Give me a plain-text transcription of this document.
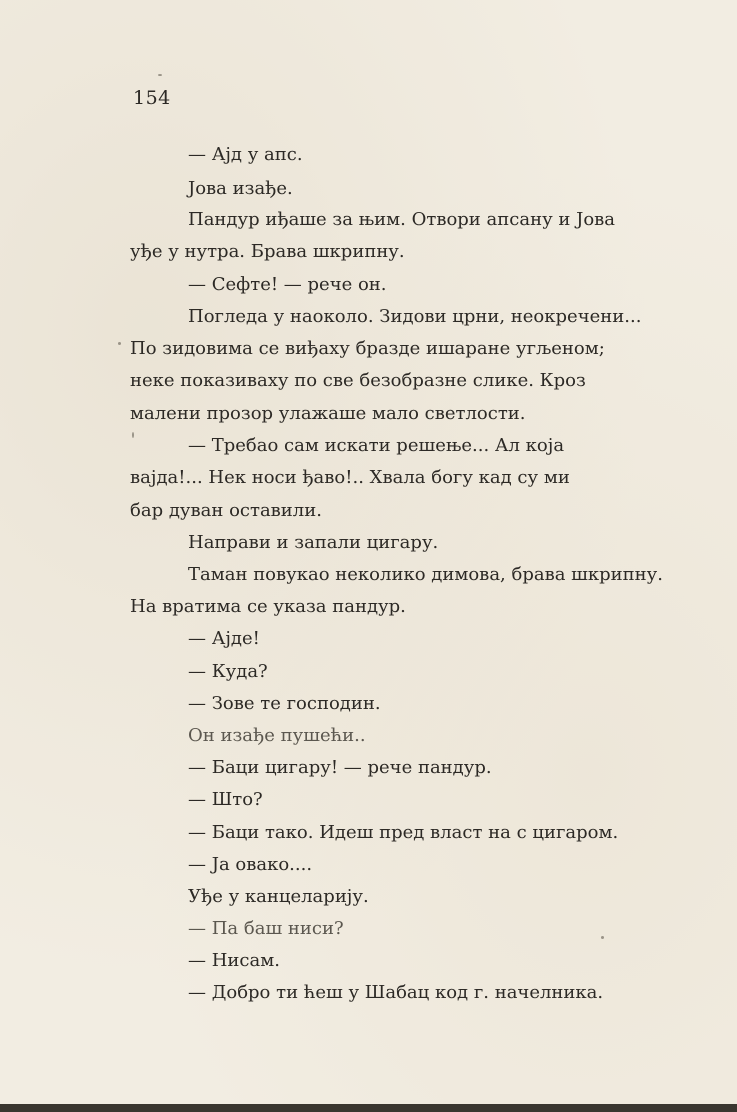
154
— Ајд у апс.
Јова изађе.
Пандур иђаше за њим. Отвори апсану и Јова
уђе у нутра. Брава шкрипну.
— Сефте! — рече он.
Погледа у наоколо. Зидови црни, неокречени...
По зидовима се виђаху бразде ишаране угљеном;
неке показиваху по све безобразне слике. Кроз
малени прозор улажаше мало светлости.
— Требао сам искати решење... Ал која
вајда!... Нек носи ђаво!.. Хвала богу кад су ми
бар дуван оставили.
Направи и запали цигару.
Таман повукао неколико димова, брава шкрипну.
На вратима се указа пандур.
— Ајде!
— Куда?
— Зове те господин.
Он изађе пушећи..
— Баци цигару! — рече пандур.
— Што?
— Баци тако. Идеш пред власт на с цигаром.
— Ја овако....
Уђе у канцеларију.
— Па баш ниси?
— Нисам.
— Добро ти ћеш у Шабац код г. начелника.
